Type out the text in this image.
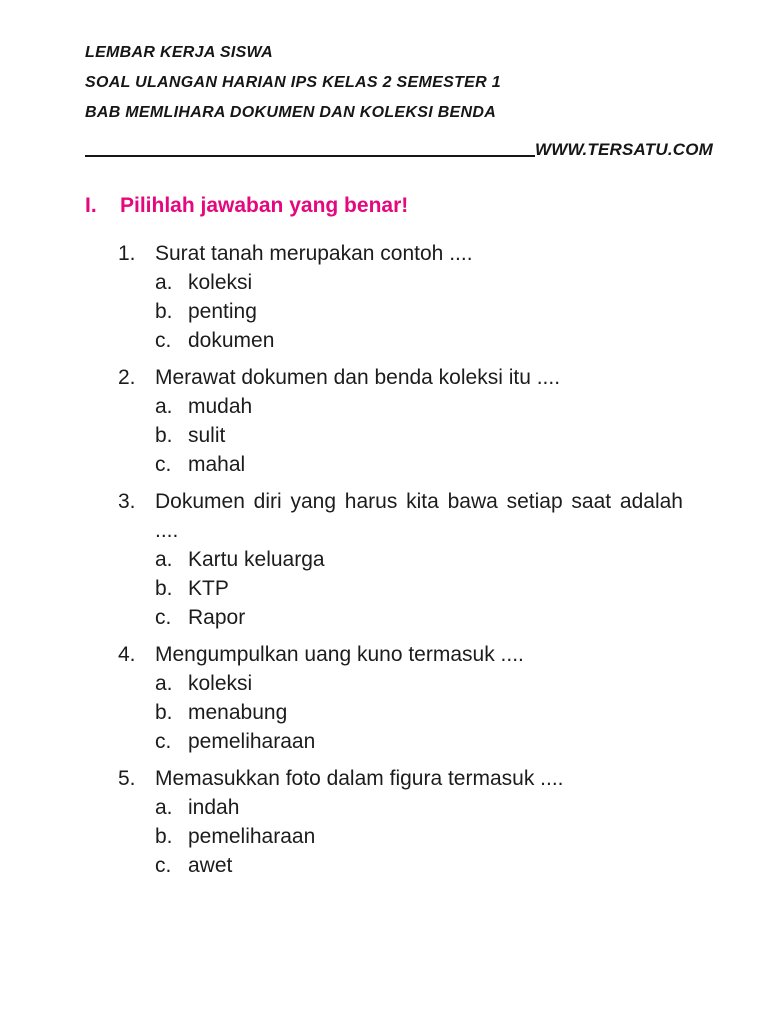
LEMBAR KERJA SISWA
SOAL ULANGAN HARIAN IPS KELAS 2 SEMESTER 1
BAB MEMLIHARA DOKUMEN DAN KOLEKSI BENDA
WWW.TERSATU.COM
I.	Pilihlah jawaban yang benar!
1. Surat tanah merupakan contoh ....
a. koleksi
b. penting
c. dokumen
2. Merawat dokumen dan benda koleksi itu ....
a. mudah
b. sulit
c. mahal
3. Dokumen diri yang harus kita bawa setiap saat adalah ....
a. Kartu keluarga
b. KTP
c. Rapor
4. Mengumpulkan uang kuno termasuk ....
a. koleksi
b. menabung
c. pemeliharaan
5. Memasukkan foto dalam figura termasuk ....
a. indah
b. pemeliharaan
c. awet
